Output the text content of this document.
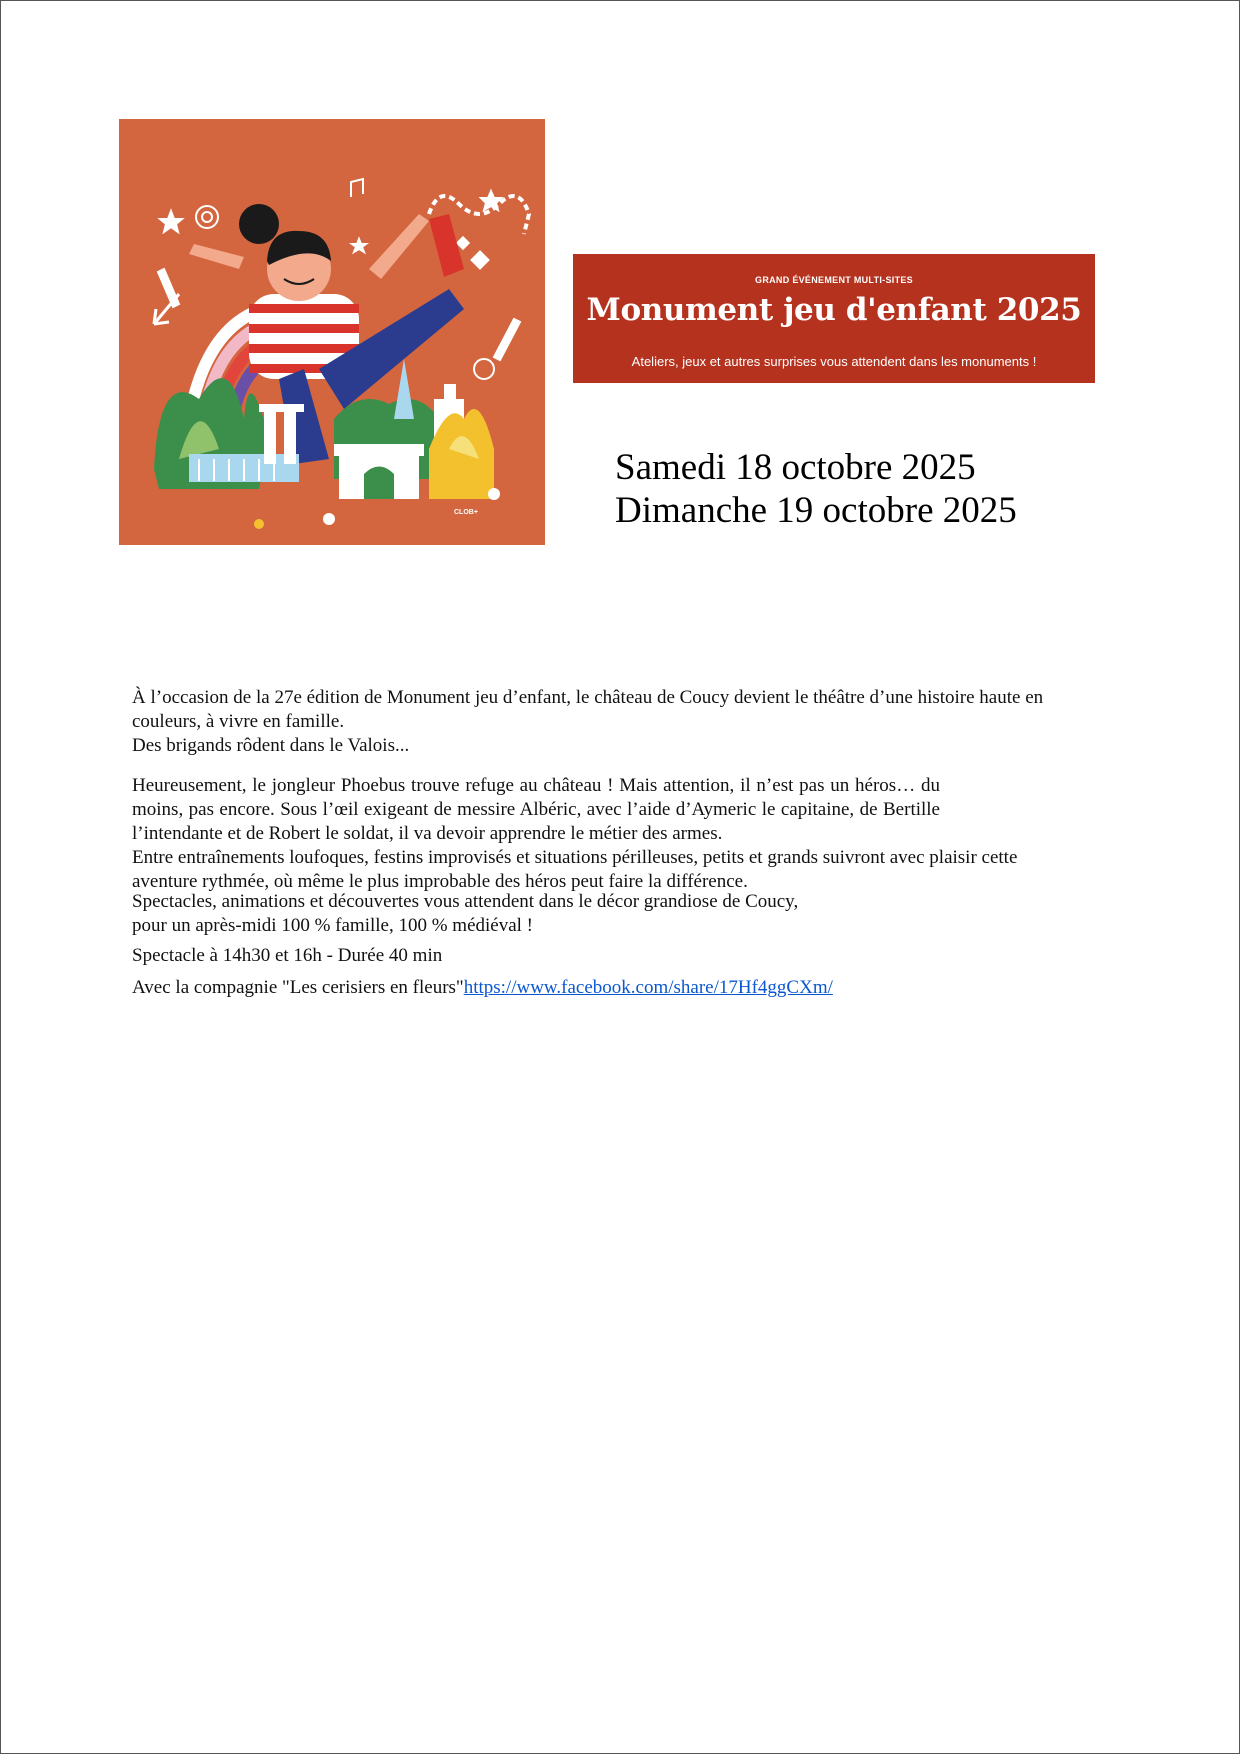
CLOB+
GRAND ÉVÉNEMENT MULTI-SITES
Monument jeu d'enfant 2025
Ateliers, jeux et autres surprises vous attendent dans les monuments !
Samedi 18 octobre 2025
Dimanche 19 octobre 2025

À l’occasion de la 27e édition de Monument jeu d’enfant, le château de Coucy devient le théâtre d’une histoire haute en couleurs, à vivre en famille.

Des brigands rôdent dans le Valois...

Heureusement, le jongleur Phoebus trouve refuge au château ! Mais attention, il n’est pas un héros… du moins, pas encore. Sous l’œil exigeant de messire Albéric, avec l’aide d’Aymeric le capitaine, de Bertille l’intendante et de Robert le soldat, il va devoir apprendre le métier des armes.

Entre entraînements loufoques, festins improvisés et situations périlleuses, petits et grands suivront avec plaisir cette aventure rythmée, où même le plus improbable des héros peut faire la différence.

Spectacles, animations et découvertes vous attendent dans le décor grandiose de Coucy,

pour un après-midi 100 % famille, 100 % médiéval !

Spectacle à 14h30 et 16h - Durée 40 min

Avec la compagnie "Les cerisiers en fleurs"https://www.facebook.com/share/17Hf4ggCXm/
